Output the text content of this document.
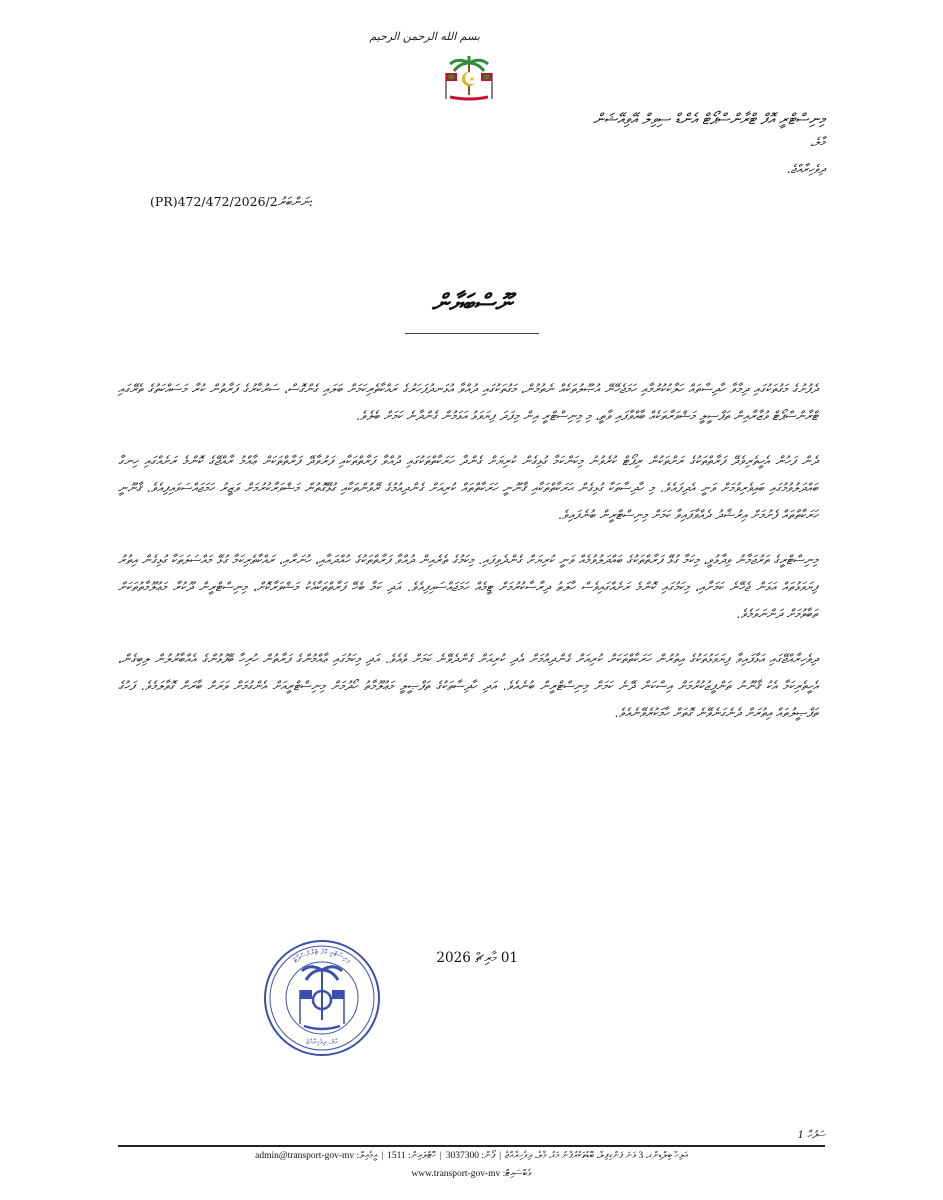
بسم الله الرحمن الرحيم
މިނިސްޓްރީ އޮފް ޓްރާންސްޕޯޓް އެންޑް ސިވިލް އޭވިއޭޝަން
މާލެ،
ދިވެހިރާއްޖެ.
(PR)472/472/2026/2ނަންބަރު:
ނޫސްބަޔާން

ދެފުށުގެ މަގުތަކުގައި ދިމާވާ ހާދިސާތައް ހަލާކުކުރުމާއި ހަމަޖެހޭނޭ އުޞޫލުތަކެއް ނެތުމުން، މަގުތަކުގައި ދުއްވާ އުޅަނދުފަހަރުގެ ރައްކާތެރިކަމަށް ބަލައި ގެންގޮސް، ސަރުކާރުގެ ފަރާތުން ކުރާ މަސައްކަތުގެ ތެރޭގައި ޓްރާންސްޕޯޓް ވުޒާރާއިން ތަފްސީލީ މަޝްވަރާތަކެއް ބާއްވާފައި ވާތީ، މި މިނިސްޓްރީ އިން މިފަދަ ފިޔަވަޅު އަޅަމުން ގެންދާނެ ކަމަށް ބެލެވެ.

ދެން ފަހުން އެހީތެރިވެދޭ ފަރާތްތަކުގެ ރަށްތަކުން ރިޕޯޓް ކުރެވުނު މިކަންކަމާ ގުޅިގެން ކުރިޔަށް ގެންދާ ހަރަކާތްތަކުގައި ދުއްވާ ފަރާތްތަކާއި ފަރުވާދޭ ފަރާތްތަކަށް ޢާއްމު ރާއްޖޭގެ ކޮންމެ ރަށެއްގައި ހިނގާ ބައްދަލުވުމުގައި ބައިވެރިވުމަށް ވަނީ އެދިފައެވެ. މި ހާދިސާތަކާ ގުޅިގެން ޙަރަކާތްތަކާއި ޤާނޫނީ ހަރަކާތްތައް ކުރިއަށް ގެންދިއުމުގެ ރޭވުންތަކާއި ގުޅޭގޮތުން މަޝްވަރާކުރުމަށް ވަޒީރު ހަމަޖައްސަވައިފިއެވެ. ޤާނޫނީ ހަރަކާތްތައް ފެށުމަށް އިރުޝާދު ދެއްވާފައިވާ ކަމަށް މިނިސްޓްރީން ބުނެފައިވެ.

މިނިސްޓްރީގެ ތަރުޖަމާނު ވިދާޅުވީ، މިކަމާ ގުޅޭ ފަރާތްތަކުގެ ބައްދަލުވުމެއް ވަނީ ކުރިޔަށް ގެންދެވިފައި. މިކަމުގެ ތެރެއިން ދުއްވާ ފަރާތްތަކުގެ ހުއްދައާއި، ހުނަރާއި، ރައްކާތެރިކަމާ ގުޅޭ މައްސަލަތަކާ ގުޅިގެން އިތުރު ފިޔަވަޅުތައް އަޅަން ޖެހޭނެ ކަމަށާއި، މިކަމުގައި ކޮންމެ ރަށެއްގައިވެސް ހާލަތު ދިރާސާކުރުމަށް ޓީމެއް ހަމަޖައްސައިފިއެވެ. އަދި ކަމާ ބެހޭ ފަރާތްތަކާއެކު މަޝްވަރާކޮށް، މިނިސްޓްރީން ދޫކުރާ މަޢުލޫމާތުތަކަށް ތަބާވުމަށް ދަންނަވަމެވެ.

ދިވެހިރާއްޖޭގައި އަޅާފައިވާ ފިޔަވަޅުތަކުގެ އިތުރުން ހަރަކާތްތަކަށް ކުރިއަށް ގެންދިއުމަށް އެދި ކުރިއަށް ގެންދެވޭނެ ކަމަށް ވެއެވެ. އަދި މިކަމުގައި ޢާއްމުންގެ ފަރާތުން ހުރިހާ ބޭފުޅުންގެ އެއްބާރުލުން ލިބިގެން، އެހީތެރިކަމާ އެކު ޤާނޫނު ތަންފީޒުކުރުމަށް އިސްކަން ދޭނެ ކަމަށް މިނިސްޓްރީން ބުނެއެވެ. އަދި ހާދިސާތަކުގެ ތަފްޞީލީ މަޢުލޫމާތު ހޯދުމަށް މިނިސްޓްރީއަށް އެންގުމަށް ވަރަށް ބާރަށް ގޮވާލަމެވެ. ފަހުގެ ތަފްޞީލުތައް އިތުރަށް ދެނެގަނެވޭނެ ގޮތަށް ހާމަކުރެވޭނެއެވެ.

01 މާރިޗް 2026
މިނިސްޓްރީ އޮފް ޓްރާންސްޕޯޓް
މާލެ، ދިވެހިރާއްޖެ
ސަފުހާ 1
އަލިހާ ބިލްޑިންގ، 3 ވަނަ ފަންގިފިލާ، ބޮޑުތަކުރުފާނު މަގު، މާލެ، ދިވެހިރާއްޖެ|ފޯން: 3037300|ހޮޓްލައިން: 1511|އީމެއިލް: admin@transport-gov-mv
ވެބްސައިޓް: www.transport-gov-mv
